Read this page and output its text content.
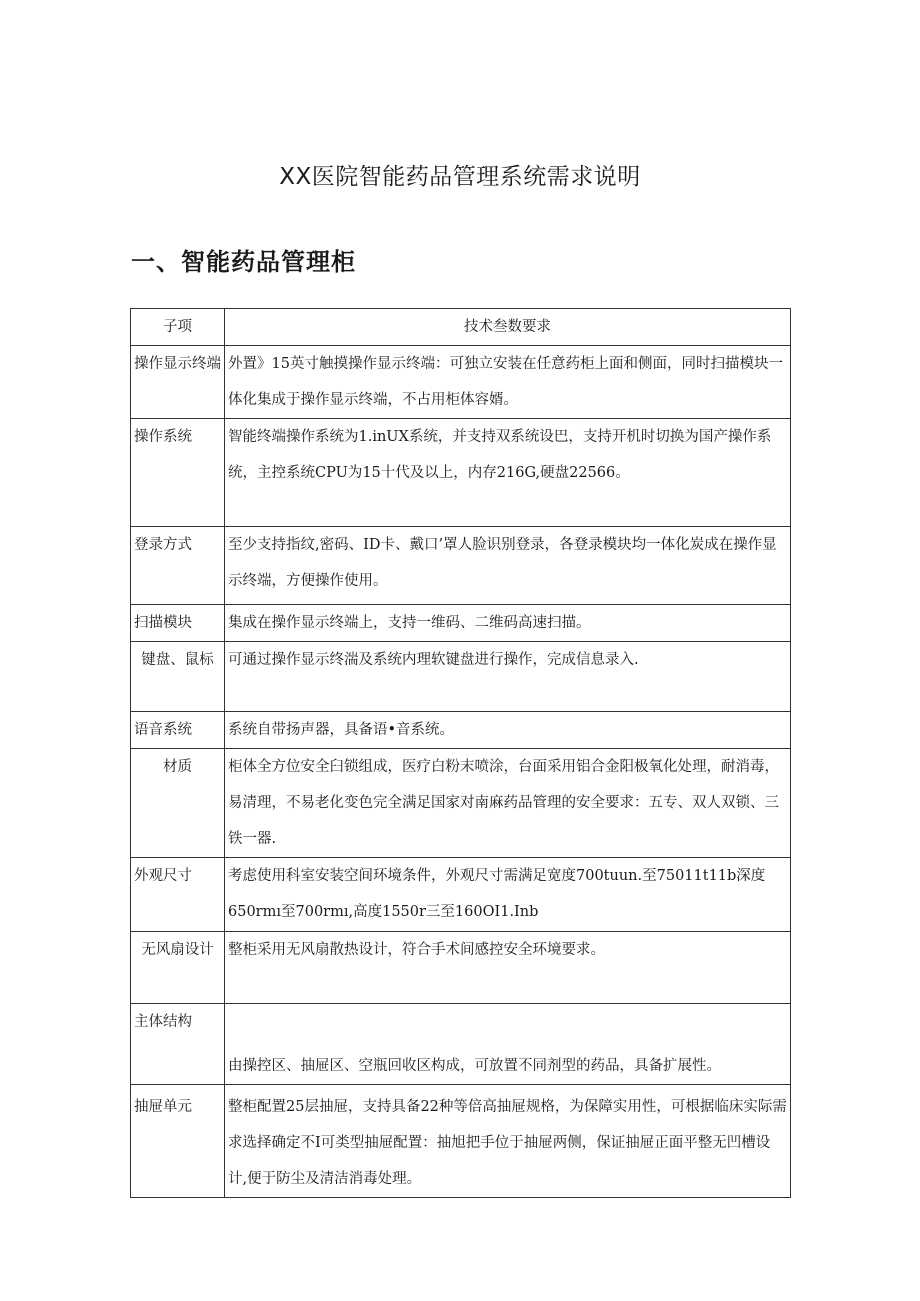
XX医院智能药品管理系统需求说明
一、智能药品管理柜
子项	技术叁数要求
操作显示终端	外置》15英寸触摸操作显示终端：可独立安装在任意药柜上面和侧面，同时扫描模块一体化集成于操作显示终端，不占用柜体容婿。
操作系统	智能终端操作系统为1.inUX系统，并支持双系统设巴，支持开机时切换为国产操作系统，主控系统CPU为15十代及以上，内存216G,硬盘22566。
登录方式	至少支持指纹,密码、ID卡、戴口’罩人脸识别登录，各登录模块均一体化炭成在操作显示终端，方便操作使用。
扫描模块	集成在操作显示终端上，支持一维码、二维码高速扫描。
键盘、鼠标	可通过操作显示终湍及系统内理软键盘进行操作，完成信息录入.
语音系统	系统自带扬声器，具备语•音系统。
材质	柜体全方位安全臼锁组成，医疗白粉末喷涂，台面采用铝合金阳极氧化处理，耐消毒，易清理，不易老化变色完全满足国家对南麻药品管理的安全要求：五专、双人双锁、三铁一器.
外观尺寸	考虑使用科室安装空间环境条件，外观尺寸需满足宽度700tuun.至75011t11b深度650rmı至700rmı,高度1550r三至160OI1.Inb
无风扇设计	整柜采用无风扇散热设计，符合手术间感控安全环境要求。
主体结构	由操控区、抽屉区、空瓶回收区构成，可放置不同剂型的药品，具备扩展性。
抽屉单元	整柜配置25层抽屉，支持具备22种等倍高抽屉规格，为保障实用性，可根据临床实际需求选择确定不I可类型抽屉配置：抽旭把手位于抽屉两侧，保证抽屉正面平整无凹槽设计,便于防尘及清洁消毒处理。
